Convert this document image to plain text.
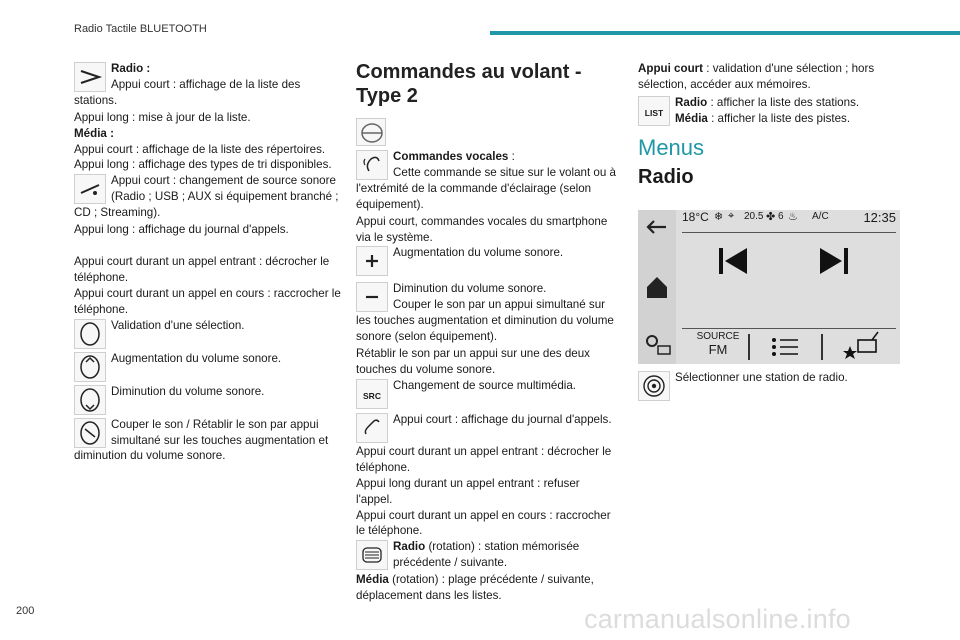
Radio Tactile BLUETOOTH
200	carmanualsonline.info

Radio :

Appui court : affichage de la liste des stations.

Appui long : mise à jour de la liste.

Média :

Appui court : affichage de la liste des répertoires.

Appui long : affichage des types de tri disponibles.

Appui court : changement de source sonore (Radio ; USB ; AUX si équipement branché ; CD ; Streaming).

Appui long : affichage du journal d'appels.

Appui court durant un appel entrant : décrocher le téléphone.

Appui court durant un appel en cours : raccrocher le téléphone.

Validation d'une sélection.

Augmentation du volume sonore.

Diminution du volume sonore.

Couper le son / Rétablir le son par appui simultané sur les touches augmentation et diminution du volume sonore.

Commandes au volant - Type 2

Commandes vocales :

Cette commande se situe sur le volant ou à l'extrémité de la commande d'éclairage (selon équipement).

Appui court, commandes vocales du smartphone via le système.

Augmentation du volume sonore.

Diminution du volume sonore.

Couper le son par un appui simultané sur les touches augmentation et diminution du volume sonore (selon équipement).

Rétablir le son par un appui sur une des deux touches du volume sonore.

SRC

Changement de source multimédia.

Appui court : affichage du journal d'appels.

Appui court durant un appel entrant : décrocher le téléphone.

Appui long durant un appel entrant : refuser l'appel.

Appui court durant un appel en cours : raccrocher le téléphone.

Radio (rotation) : station mémorisée précédente / suivante.

Média (rotation) : plage précédente / suivante, déplacement dans les listes.

Appui court : validation d'une sélection ; hors sélection, accéder aux mémoires.

LIST

Radio : afficher la liste des stations.

Média : afficher la liste des pistes.

Menus

Radio

18°C ❄ ⌖ 20.5 ✤ 6 ♨ A/C	12:35
SOURCE
FM

Sélectionner une station de radio.
